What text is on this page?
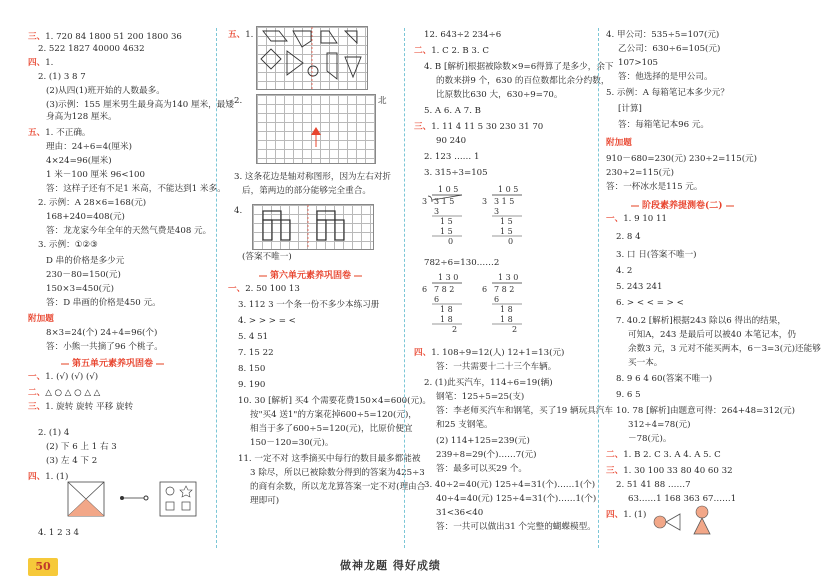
三、1. 720 84 1800 51 200 1800 36
2. 522 1827 40000 4632
四、1.
2. (1) 3 8 7
(2)从四(1)班开始的人数最多。
(3)示例：155 厘米男生最身高为140 厘米，最矮
身高为128 厘米。
五、1. 不正确。
理由：24÷6=4(厘米)
4×24=96(厘米)
1 米－100 厘米 96<100
答：这样子还有不足1 米高，不能达到1 米多。
2. 示例：A 28×6=168(元)
168+240=408(元)
答：龙龙家今年全年的天然气费是408 元。
3. 示例：①②③
D 串的价格是多少元
230－80=150(元)
150×3=450(元)
答：D 串画的价格是450 元。
附加题
8×3=24(个) 24÷4=96(个)
答：小熊一共摘了96 个桃子。
第五单元素养巩固卷
一、1. (√) (√) (√)
二、△ ○ △ ○ △ △
三、1. 旋转 旋转 平移 旋转
2. (1) 4
(2) 下 6 上 1 右 3
(3) 左 4 下 2
四、1. (1)
4. 1 2 3 4
五、1.
2.	北
3. 这条花边是轴对称图形，因为左右对折
后，第两边的部分能够完全重合。
4.
(答案不唯一)
第六单元素养巩固卷
一、2. 50 100 13
3. 112 3 一个条一份不多少本练习册
4. > > > = <
5. 4 51
7. 15 22
8. 150
9. 190
10. 30 [解析] 买4 个需要花费150×4=600(元)。
按"买4 送1"的方案花掉600÷5=120(元)，
相当于多了600÷5=120(元)，比原价便宜
150－120=30(元)。
11. 一定不对 这季摘买中每行的数目最多都能被
3 除尽，所以已被除数分得到的答案为425÷3
的商有余数，所以龙龙算答案一定不对(理由合
理即可)
12. 643÷2 234÷6
二、1. C 2. B 3. C
4. B [解析]根据被除数×9=6得算了是多少，余下
的数来拼9 个，630 的百位数都比余分约数，
比原数比630 大，630÷9=70。
5. A 6. A 7. B
三、1. 11 4 11 5 30 230 31 70
90 240
2. 123 …… 1
3. 315÷3=105
1 0 5
3 3 1 5
3
1 5
1 5
0
1 0 5
3 3 1 5
3
1 5
1 5
0
782÷6=130……2
1 3 0
6 7 8 2
6
1 8
1 8
2
1 3 0
6 7 8 2
6
1 8
1 8
2
四、1. 108÷9=12(人) 12+1=13(元)
答：一共需要十二十三个车辆。
2. (1)此买汽车，114÷6=19(辆)
钢笔：125÷5=25(支)
答：李老师买汽车和钢笔，买了19 辆玩具汽车
和25 支钢笔。
(2) 114+125=239(元)
239÷8=29(个)……7(元)
答：最多可以买29 个。
3. 40÷2=40(元) 125÷4=31(个)……1(个)
40÷4=40(元) 125÷4=31(个)……1(个)
31<36<40
答：一共可以做出31 个完整的蝴蝶模型。
4. 甲公司：535÷5=107(元)
乙公司：630÷6=105(元)
107>105
答：他选择的是甲公司。
5. 示例：A 每箱笔记本多少元？
[计算]
答：每箱笔记本96 元。
附加题
910－680=230(元) 230÷2=115(元)
230÷2=115(元)
答：一杯冰水是115 元。
阶段素养提测卷(二)
一、1. 9 10 11
2. 8 4
3. 口 日(答案不唯一)
4. 2
5. 243 241
6. > < < = > <
7. 40.2 [解析]根据243 除以6 得出的结果，
可知A，243 是最后可以被40 本笔记本，仍
余数3 元，3 元对不能买两本，6－3=3(元)还能够
买一本。
8. 9 6 4 60(答案不唯一)
9. 6 5
10. 78 [解析]由题意可得：264+48=312(元)
312÷4=78(元)
－78(元)。
二、1. B 2. C 3. A 4. A 5. C
三、1. 30 100 33 80 40 60 32
2. 51 41 88 ……7
63……1 168 363 67……1
四、1. (1)
50	做神龙题 得好成绩
